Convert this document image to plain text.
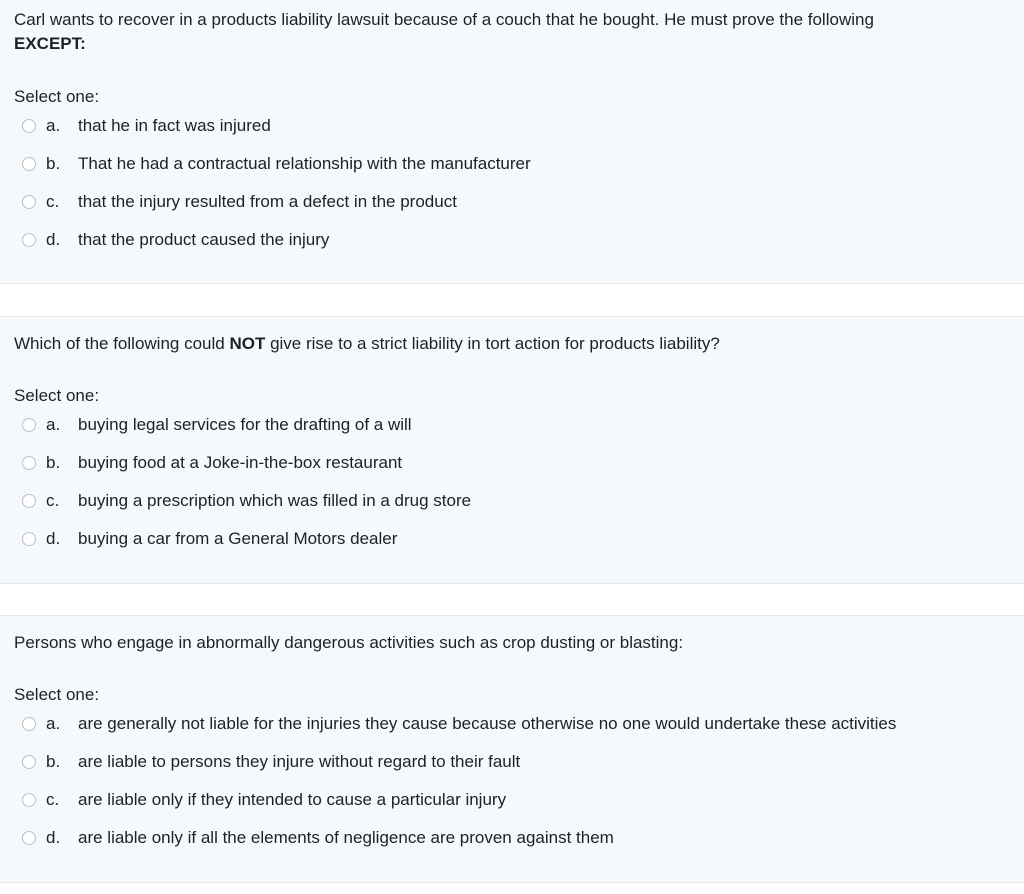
Carl wants to recover in a products liability lawsuit because of a couch that he bought. He must prove the following EXCEPT:
Select one:
a.	that he in fact was injured
b.	That he had a contractual relationship with the manufacturer
c.	that the injury resulted from a defect in the product
d.	that the product caused the injury
Which of the following could NOT give rise to a strict liability in tort action for products liability?
Select one:
a.	buying legal services for the drafting of a will
b.	buying food at a Joke-in-the-box restaurant
c.	buying a prescription which was filled in a drug store
d.	buying a car from a General Motors dealer
Persons who engage in abnormally dangerous activities such as crop dusting or blasting:
Select one:
a.	are generally not liable for the injuries they cause because otherwise no one would undertake these activities
b.	are liable to persons they injure without regard to their fault
c.	are liable only if they intended to cause a particular injury
d.	are liable only if all the elements of negligence are proven against them
